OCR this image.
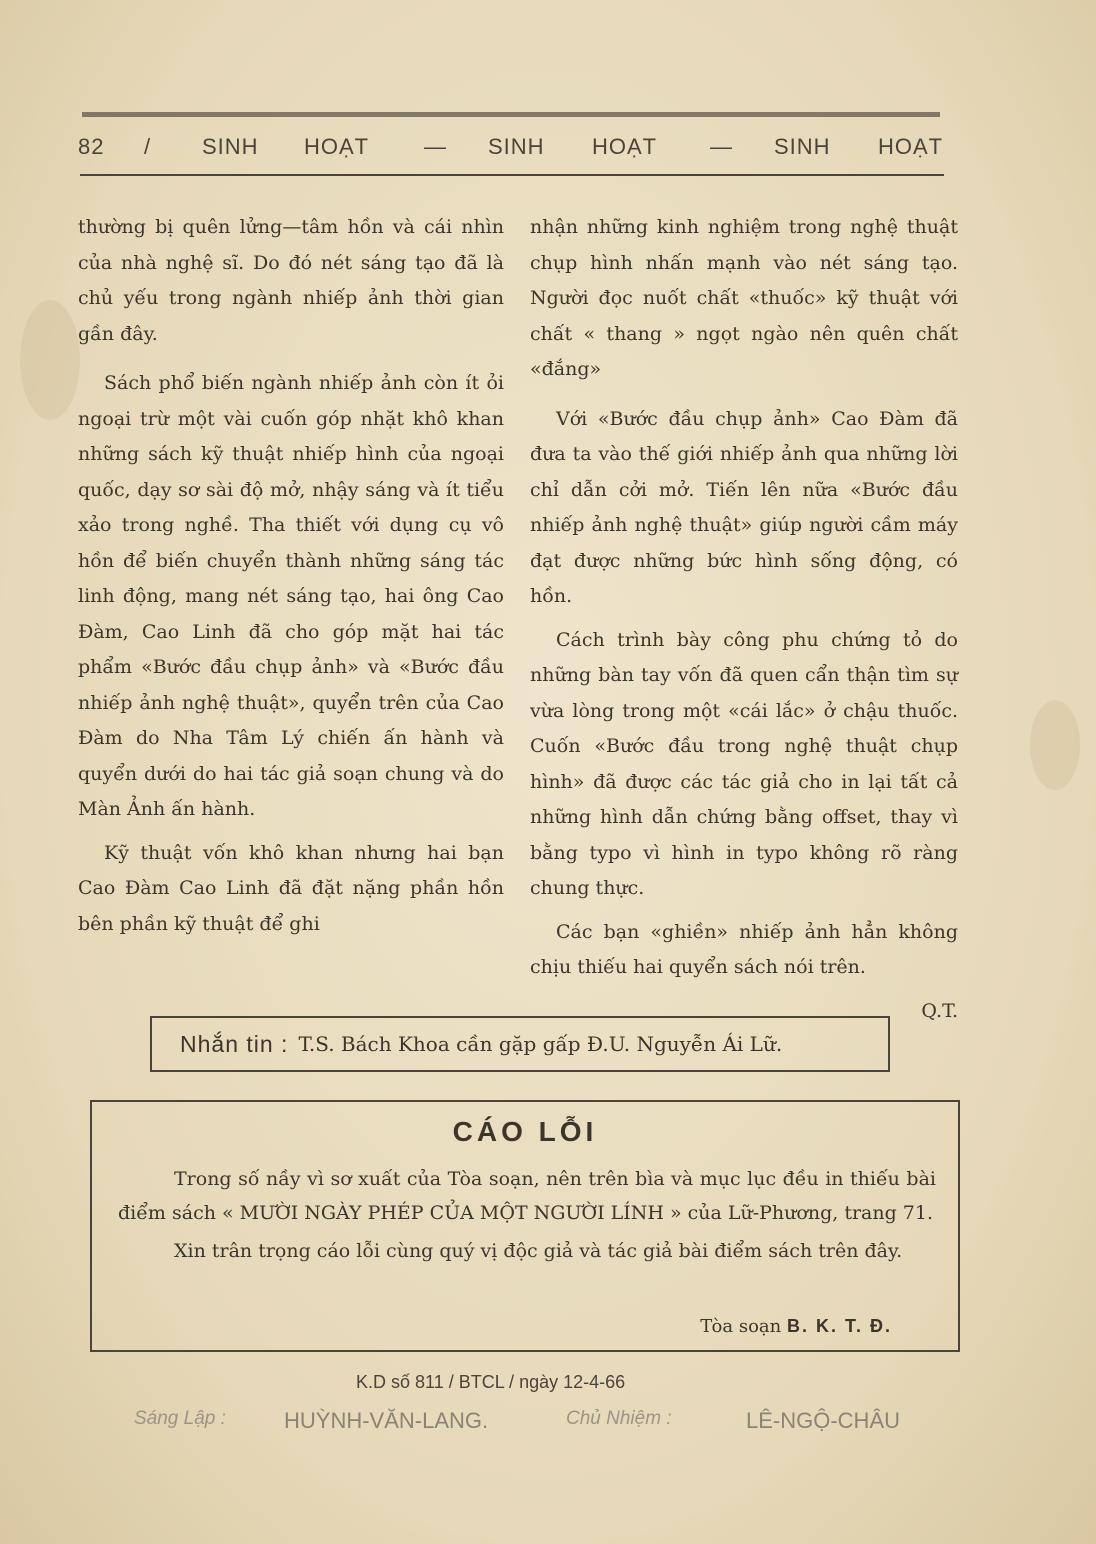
82 / SINH HOẠT — SINH HOẠT — SINH HOẠT

thường bị quên lửng—tâm hồn và cái nhìn của nhà nghệ sĩ. Do đó nét sáng tạo đã là chủ yếu trong ngành nhiếp ảnh thời gian gần đây.

Sách phổ biến ngành nhiếp ảnh còn ít ỏi ngoại trừ một vài cuốn góp nhặt khô khan những sách kỹ thuật nhiếp hình của ngoại quốc, dạy sơ sài độ mở, nhậy sáng và ít tiểu xảo trong nghề. Tha thiết với dụng cụ vô hồn để biến chuyển thành những sáng tác linh động, mang nét sáng tạo, hai ông Cao Đàm, Cao Linh đã cho góp mặt hai tác phẩm «Bước đầu chụp ảnh» và «Bước đầu nhiếp ảnh nghệ thuật», quyển trên của Cao Đàm do Nha Tâm Lý chiến ấn hành và quyển dưới do hai tác giả soạn chung và do Màn Ảnh ấn hành.

Kỹ thuật vốn khô khan nhưng hai bạn Cao Đàm Cao Linh đã đặt nặng phần hồn bên phần kỹ thuật để ghi

nhận những kinh nghiệm trong nghệ thuật chụp hình nhấn mạnh vào nét sáng tạo. Người đọc nuốt chất «thuốc» kỹ thuật với chất « thang » ngọt ngào nên quên chất «đắng»

Với «Bước đầu chụp ảnh» Cao Đàm đã đưa ta vào thế giới nhiếp ảnh qua những lời chỉ dẫn cởi mở. Tiến lên nữa «Bước đầu nhiếp ảnh nghệ thuật» giúp người cầm máy đạt được những bức hình sống động, có hồn.

Cách trình bày công phu chứng tỏ do những bàn tay vốn đã quen cẩn thận tìm sự vừa lòng trong một «cái lắc» ở chậu thuốc. Cuốn «Bước đầu trong nghệ thuật chụp hình» đã được các tác giả cho in lại tất cả những hình dẫn chứng bằng offset, thay vì bằng typo vì hình in typo không rõ ràng chung thực.

Các bạn «ghiền» nhiếp ảnh hẳn không chịu thiếu hai quyển sách nói trên.

Q.T.
Nhắn tin : T.S. Bách Khoa cần gặp gấp Đ.U. Nguyễn Ái Lữ.
CÁO LỖI

Trong số nầy vì sơ xuất của Tòa soạn, nên trên bìa và mục lục đều in thiếu bài điểm sách « MƯỜI NGÀY PHÉP CỦA MỘT NGƯỜI LÍNH » của Lữ-Phương, trang 71.

Xin trân trọng cáo lỗi cùng quý vị độc giả và tác giả bài điểm sách trên đây.

Tòa soạn B. K. T. Đ.
K.D số 811 / BTCL / ngày 12-4-66
Sáng Lập :	HUỲNH-VĂN-LANG.	Chủ Nhiệm :	LÊ-NGỘ-CHÂU
